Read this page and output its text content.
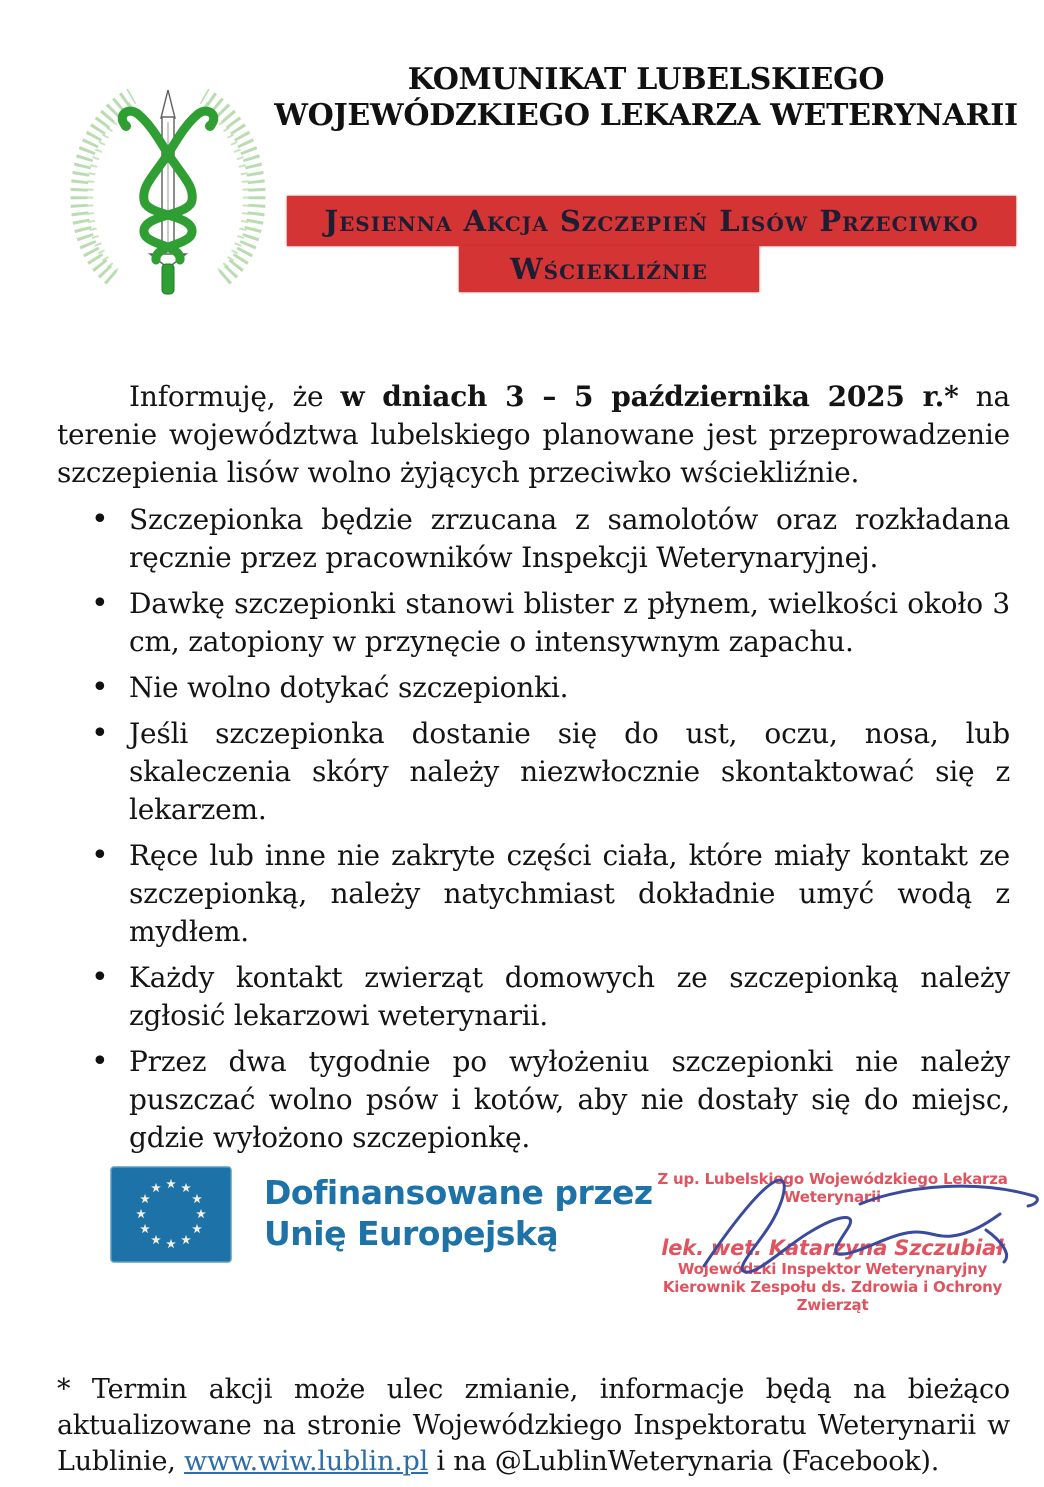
KOMUNIKAT LUBELSKIEGO
WOJEWÓDZKIEGO LEKARZA WETERYNARII
Jesienna Akcja Szczepień Lisów Przeciwko
Wściekliźnie

Informuję, że w dniach 3 – 5 października 2025 r.* na terenie województwa lubelskiego planowane jest przeprowadzenie szczepienia lisów wolno żyjących przeciwko wściekliźnie.

• Szczepionka będzie zrzucana z samolotów oraz rozkładana ręcznie przez pracowników Inspekcji Weterynaryjnej.
• Dawkę szczepionki stanowi blister z płynem, wielkości około 3 cm, zatopiony w przynęcie o intensywnym zapachu.
• Nie wolno dotykać szczepionki.
• Jeśli szczepionka dostanie się do ust, oczu, nosa, lub skaleczenia skóry należy niezwłocznie skontaktować się z lekarzem.
• Ręce lub inne nie zakryte części ciała, które miały kontakt ze szczepionką, należy natychmiast dokładnie umyć wodą z mydłem.
• Każdy kontakt zwierząt domowych ze szczepionką należy zgłosić lekarzowi weterynarii.
• Przez dwa tygodnie po wyłożeniu szczepionki nie należy puszczać wolno psów i kotów, aby nie dostały się do miejsc, gdzie wyłożono szczepionkę.
Dofinansowane przez
Unię Europejską
Z up. Lubelskiego Wojewódzkiego Lekarza Weterynarii
lek. wet. Katarzyna Szczubiał
Wojewódzki Inspektor Weterynaryjny
Kierownik Zespołu ds. Zdrowia i Ochrony Zwierząt
* Termin akcji może ulec zmianie, informacje będą na bieżąco aktualizowane na stronie Wojewódzkiego Inspektoratu Weterynarii w Lublinie, www.wiw.lublin.pl i na @LublinWeterynaria (Facebook).
